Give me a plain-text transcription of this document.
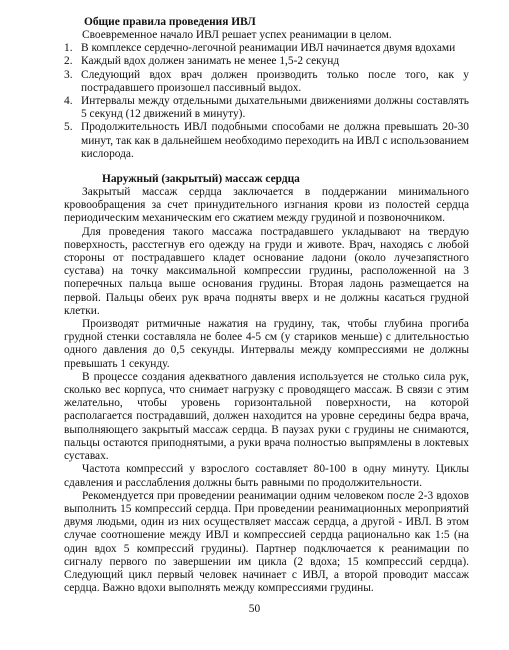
Общие правила проведения ИВЛ

Своевременное начало ИВЛ решает успех реанимации в целом.

1. В комплексе сердечно-легочной реанимации ИВЛ начинается двумя вдохами
2. Каждый вдох должен занимать не менее 1,5-2 секунд
3. Следующий вдох врач должен производить только после того, как у пострадавшего произошел пассивный выдох.
4. Интервалы между отдельными дыхательными движениями должны составлять 5 секунд (12 движений в минуту).
5. Продолжительность ИВЛ подобными способами не должна превышать 20-30 минут, так как в дальнейшем необходимо переходить на ИВЛ с использованием кислорода.
Наружный (закрытый) массаж сердца

Закрытый массаж сердца заключается в поддержании минимального кровообращения за счет принудительного изгнания крови из полостей сердца периодическим механическим его сжатием между грудиной и позвоночником.

Для проведения такого массажа пострадавшего укладывают на твердую поверхность, расстегнув его одежду на груди и животе. Врач, находясь с любой стороны от пострадавшего кладет основание ладони (около лучезапястного сустава) на точку максимальной компрессии грудины, расположенной на 3 поперечных пальца выше основания грудины. Вторая ладонь размещается на первой. Пальцы обеих рук врача подняты вверх и не должны касаться грудной клетки.

Производят ритмичные нажатия на грудину, так, чтобы глубина прогиба грудной стенки составляла не более 4-5 см (у стариков меньше) с длительностью одного давления до 0,5 секунды. Интервалы между компрессиями не должны превышать 1 секунду.

В процессе создания адекватного давления используется не столько сила рук, сколько вес корпуса, что снимает нагрузку с проводящего массаж. В связи с этим желательно, чтобы уровень горизонтальной поверхности, на которой располагается пострадавший, должен находится на уровне середины бедра врача, выполняющего закрытый массаж сердца. В паузах руки с грудины не снимаются, пальцы остаются приподнятыми, а руки врача полностью выпрямлены в локтевых суставах.

Частота компрессий у взрослого составляет 80-100 в одну минуту. Циклы сдавления и расслабления должны быть равными по продолжительности.

Рекомендуется при проведении реанимации одним человеком после 2-3 вдохов выполнить 15 компрессий сердца. При проведении реанимационных мероприятий двумя людьми, один из них осуществляет массаж сердца, а другой - ИВЛ. В этом случае соотношение между ИВЛ и компрессией сердца рационально как 1:5 (на один вдох 5 компрессий грудины). Партнер подключается к реанимации по сигналу первого по завершении им цикла (2 вдоха; 15 компрессий сердца). Следующий цикл первый человек начинает с ИВЛ, а второй проводит массаж сердца. Важно вдохи выполнять между компрессиями грудины.

50
